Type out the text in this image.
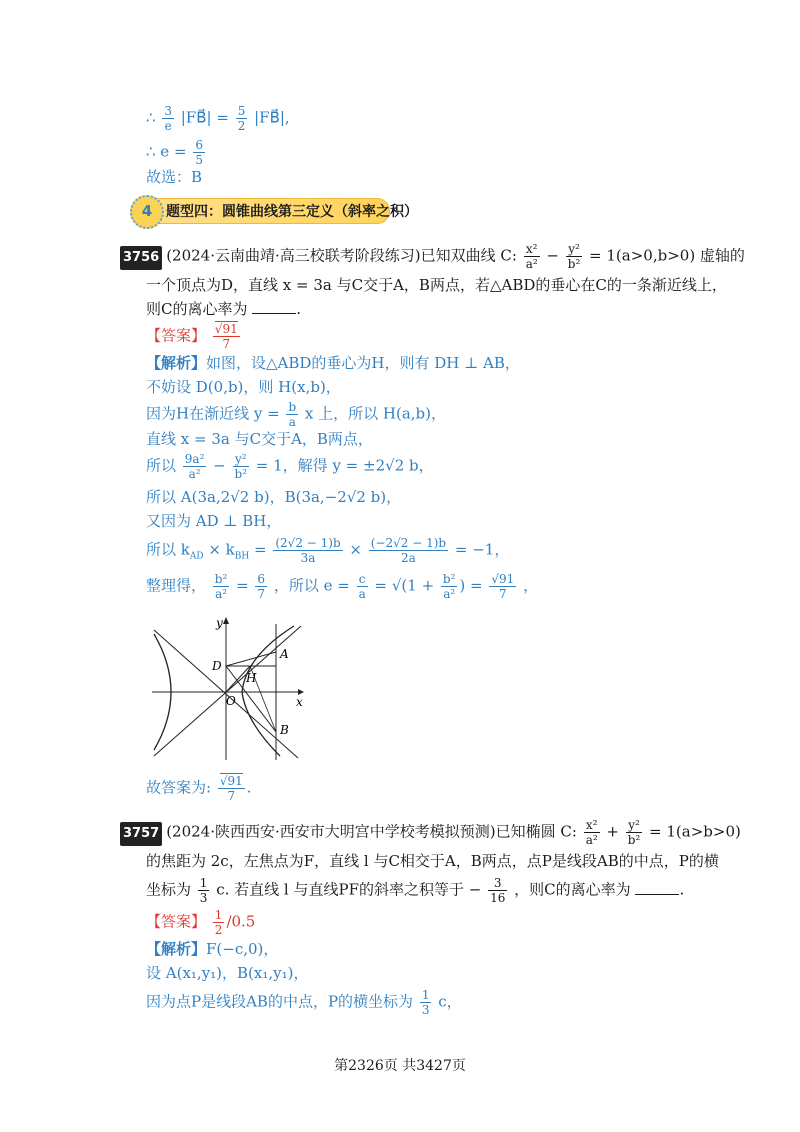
∴ $\frac{3}{e}$ |FB⃗| = $\frac{5}{2}$ |FB⃗|,
∴ $e = \frac{6}{5}$
故选：B
4 题型四：圆锥曲线第三定义（斜率之积）
3756 (2024·云南曲靖·高三校联考阶段练习)已知双曲线 C: $\frac{\text{x²}}{\text{a²}} - \frac{\text{y²}}{\text{b²}} = 1(a>0,b>0)$ 虚轴的
一个顶点为D，直线 x = 3a 与C交于A，B两点，若△ABD的垂心在C的一条渐近线上，
则C的离心率为	.
【答案】 $\frac{√91}{7}$
【解析】如图，设△ABD的垂心为H，则有 DH ⊥ AB，
不妨设 D(0,b)，则 H(x,b)，
因为H在渐近线 $y = \frac{b}{a}$ x 上，所以 H(a,b)，
直线 x = 3a 与C交于A，B两点，
所以 $\frac{\text{9a²}}{\text{a²}} - \frac{\text{y²}}{\text{b²}} = 1$，解得 y = ±2√2 b，
所以 A(3a,2√2 b)，B(3a,−2√2 b)，
又因为 AD ⊥ BH，
所以 $k_{AD} \times k_{BH} = \frac{(2√2 - 1)b}{3a} \times \frac{(-2√2 - 1)b}{2a} = -1$，
整理得， $\frac{\text{b²}}{\text{a²}} = \frac{6}{7}$ ，所以 $e = \frac{c}{a} = √(1 + \frac{\text{b²}}{\text{a²}}$ ) = $\frac{√91}{7}$ ，
y
D
A
H
O	x
B
故答案为: $\frac{√91}{7}$ .
3757 (2024·陕西西安·西安市大明宫中学校考模拟预测)已知椭圆 C: $\frac{\text{x²}}{\text{a²}} + \frac{\text{y²}}{\text{b²}} = 1(a>b>0)$
的焦距为 2c，左焦点为F，直线 l 与C相交于A，B两点，点P是线段AB的中点，P的横
坐标为 $\frac{1}{3} c$. 若直线 l 与直线PF的斜率之积等于 − $\frac{3}{16}$ ，则C的离心率为	.
【答案】 $\frac{1}{2} /0.5$
【解析】F(−c,0)，
设 A(x₁,y₁)，B(x₁,y₁)，
因为点P是线段AB的中点，P的横坐标为 $\frac{1}{3}$ c，
第2326页 共3427页
